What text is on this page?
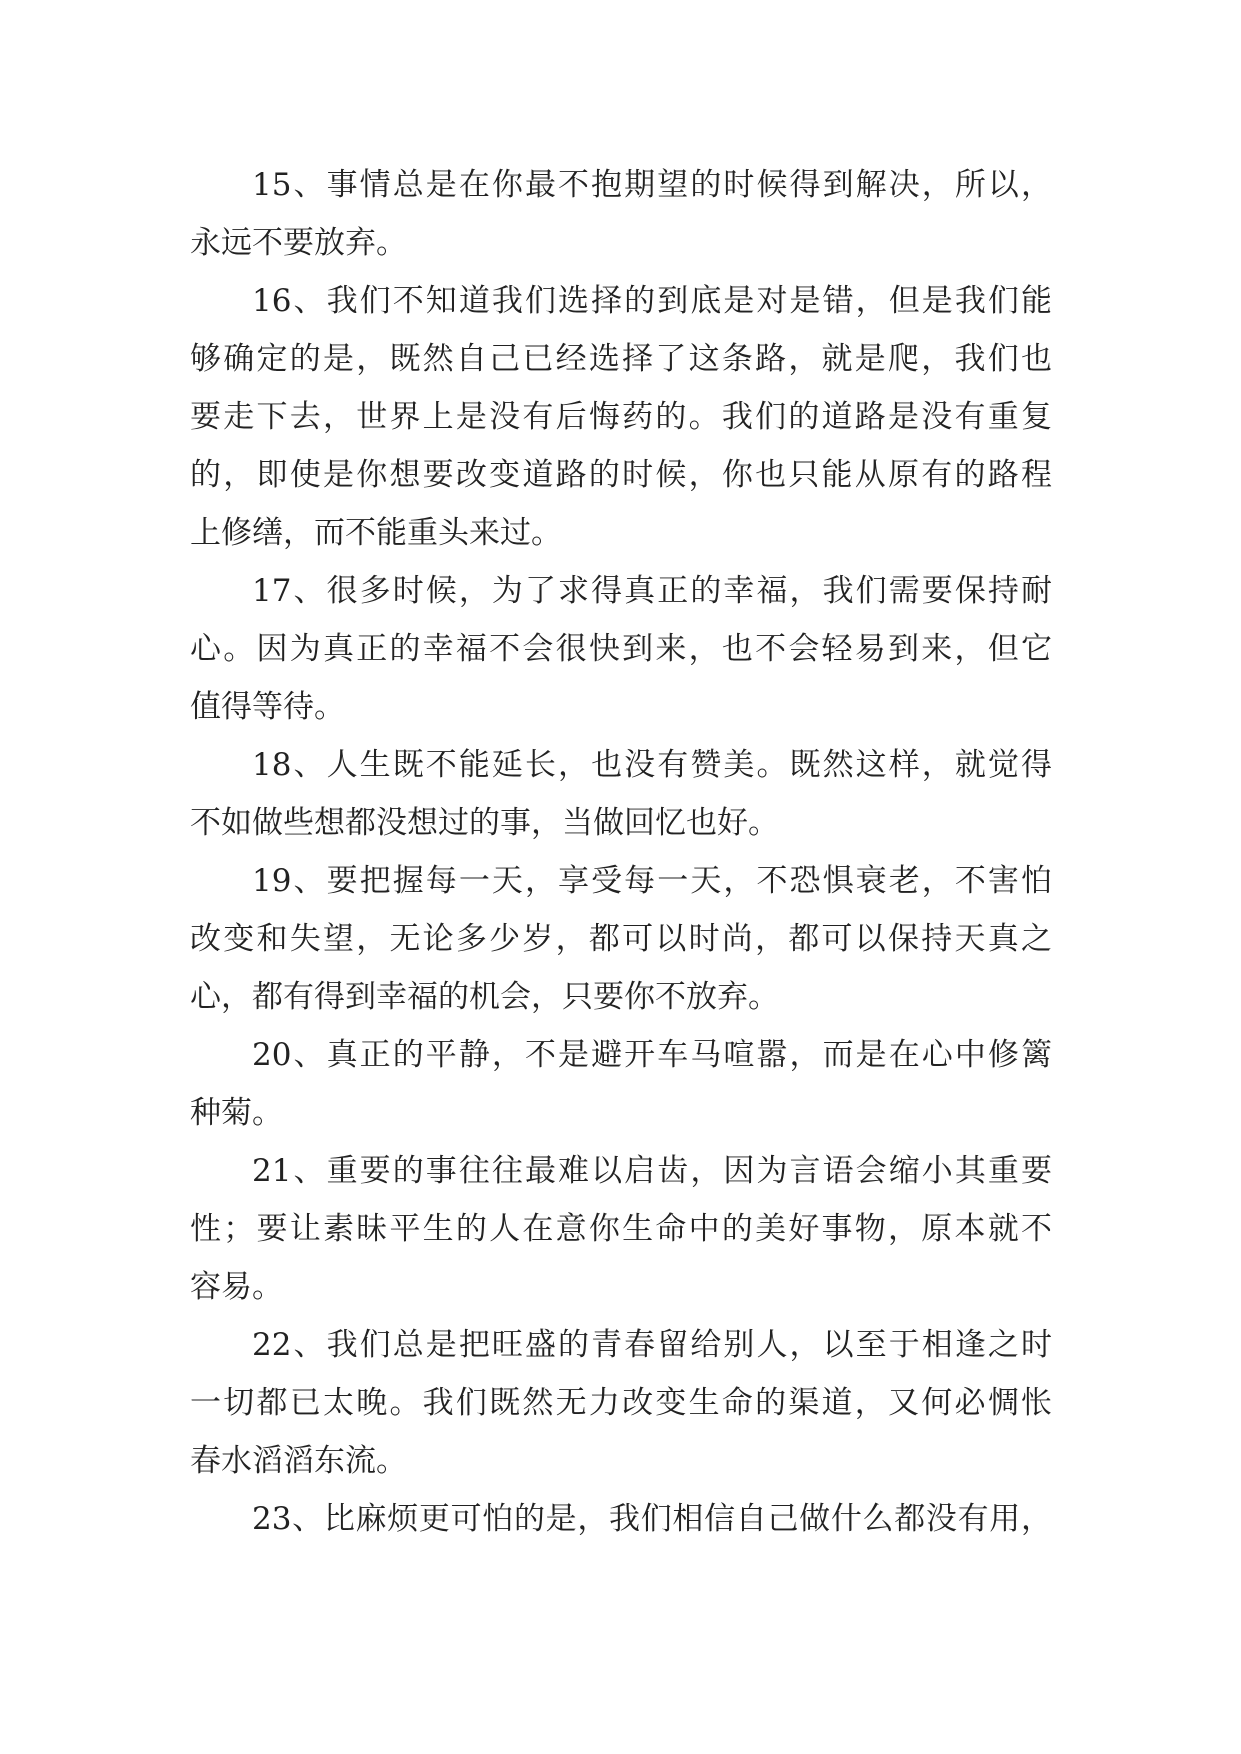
15、事情总是在你最不抱期望的时候得到解决，所以，
永远不要放弃。

16、我们不知道我们选择的到底是对是错，但是我们能
够确定的是，既然自己已经选择了这条路，就是爬，我们也
要走下去，世界上是没有后悔药的。我们的道路是没有重复
的，即使是你想要改变道路的时候，你也只能从原有的路程
上修缮，而不能重头来过。

17、很多时候，为了求得真正的幸福，我们需要保持耐
心。因为真正的幸福不会很快到来，也不会轻易到来，但它
值得等待。

18、人生既不能延长，也没有赞美。既然这样，就觉得
不如做些想都没想过的事，当做回忆也好。

19、要把握每一天，享受每一天，不恐惧衰老，不害怕
改变和失望，无论多少岁，都可以时尚，都可以保持天真之
心，都有得到幸福的机会，只要你不放弃。

20、真正的平静，不是避开车马喧嚣，而是在心中修篱
种菊。

21、重要的事往往最难以启齿，因为言语会缩小其重要
性；要让素昧平生的人在意你生命中的美好事物，原本就不
容易。

22、我们总是把旺盛的青春留给别人，以至于相逢之时
一切都已太晚。我们既然无力改变生命的渠道，又何必惆怅
春水滔滔东流。

23、比麻烦更可怕的是，我们相信自己做什么都没有用，
